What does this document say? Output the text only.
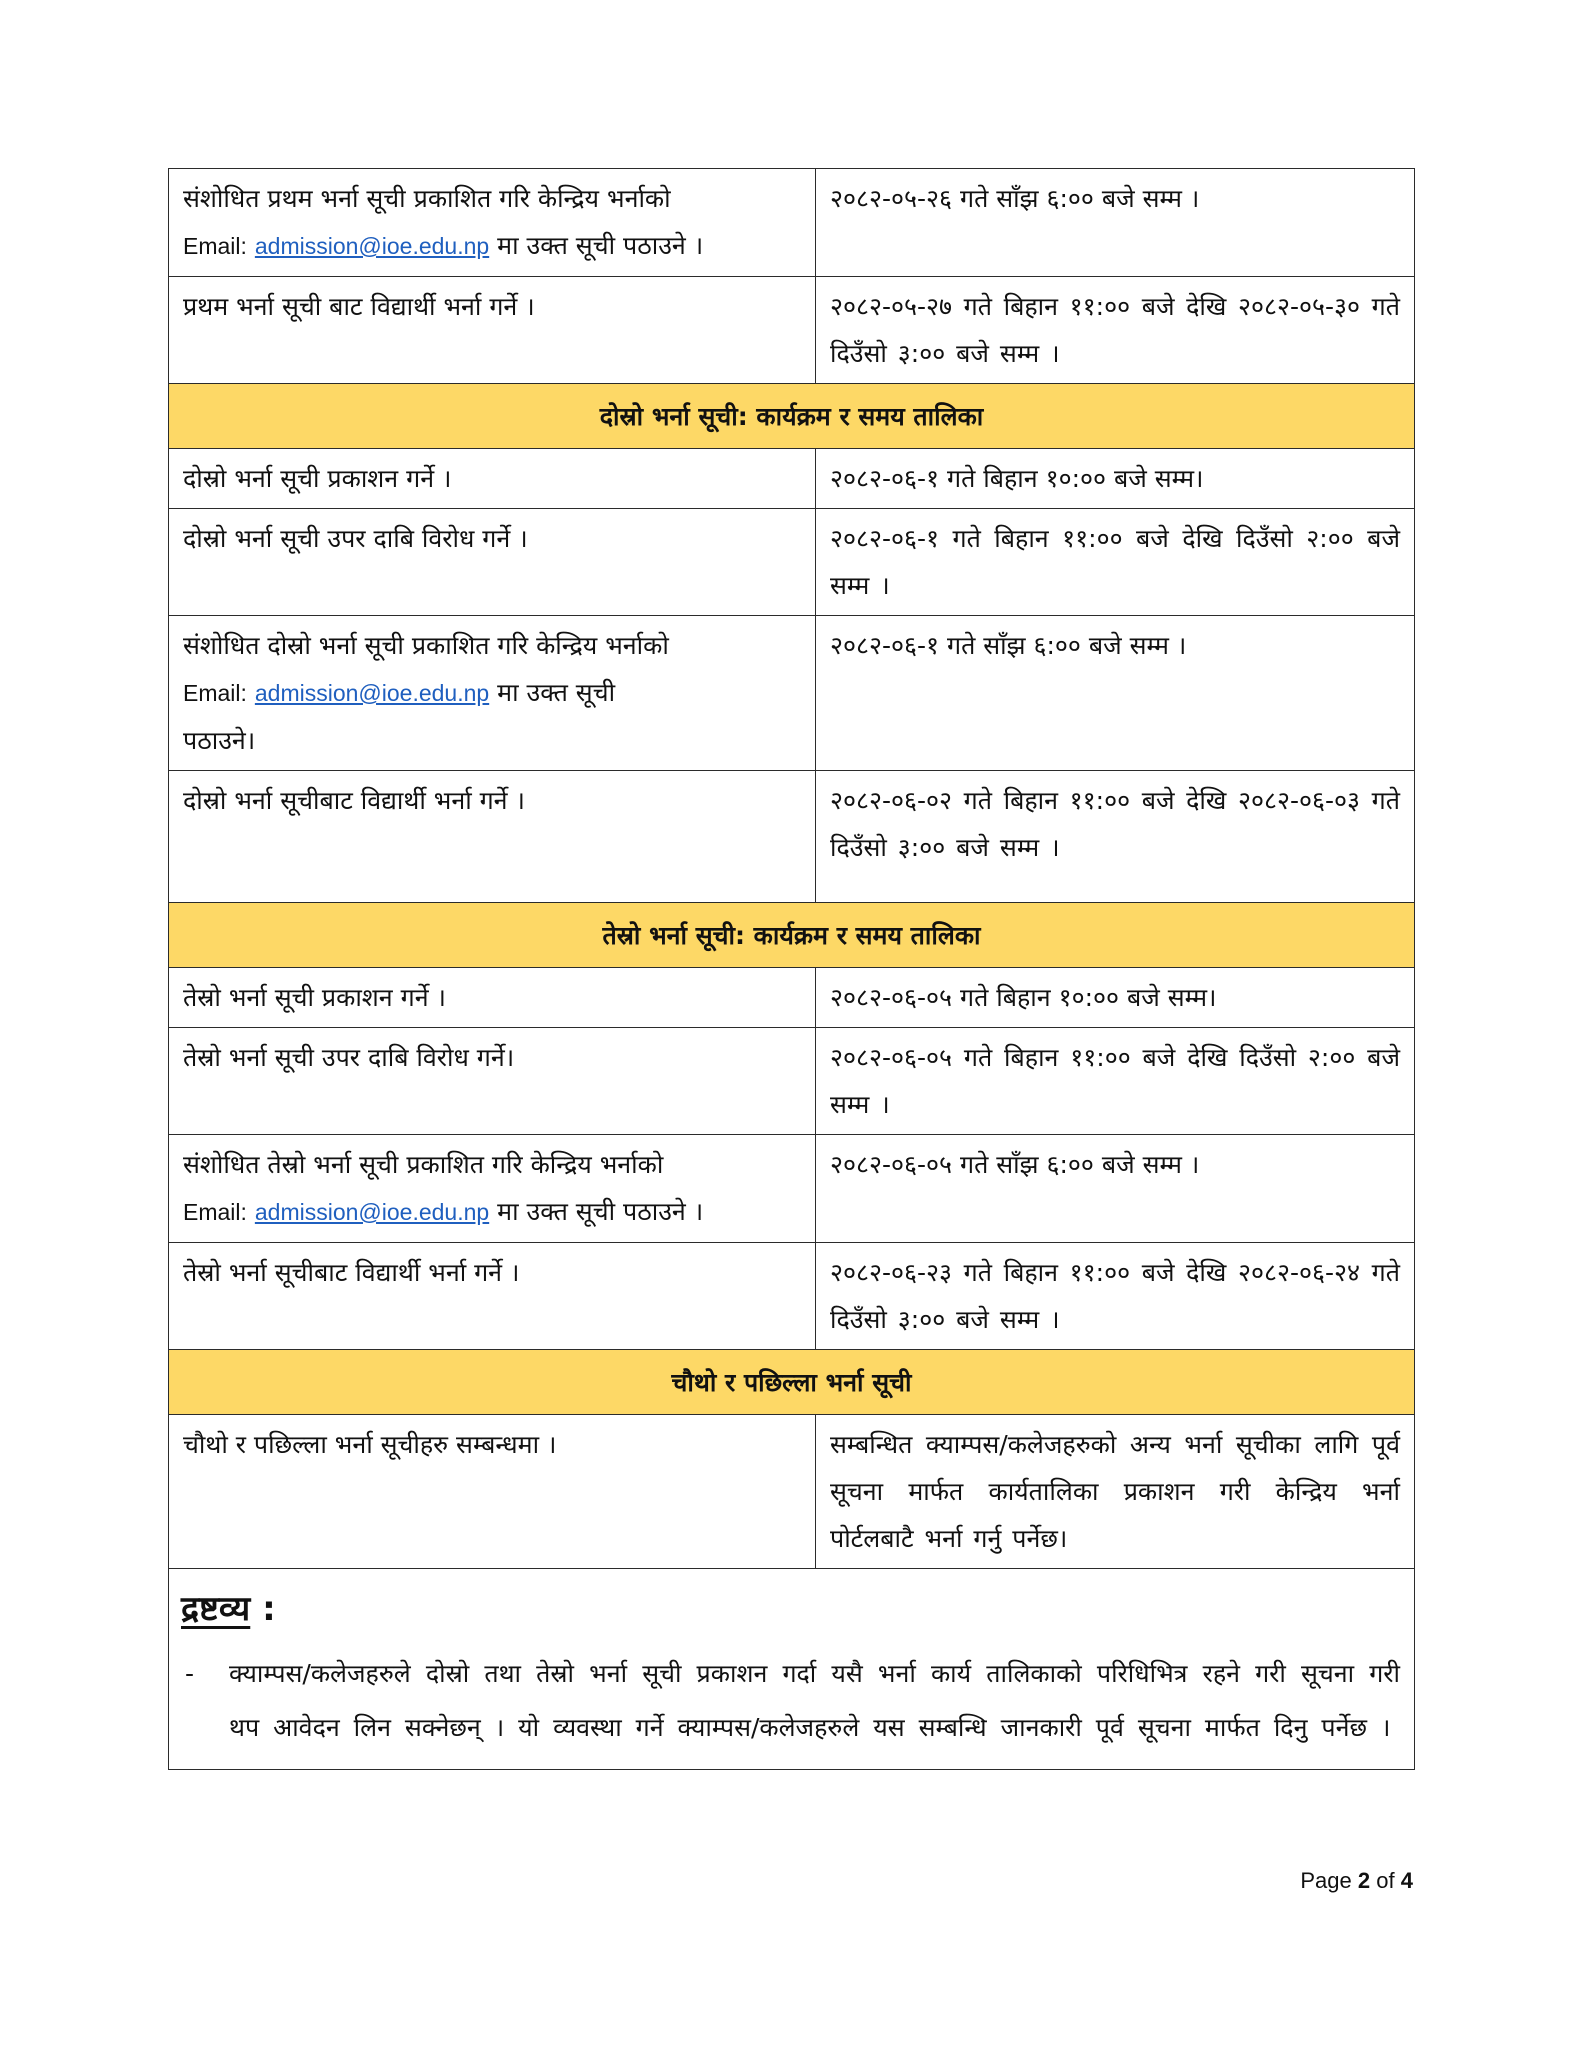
संशोधित प्रथम भर्ना सूची प्रकाशित गरि केन्द्रिय भर्नाको
Email: admission@ioe.edu.np मा उक्त सूची पठाउने ।	२०८२-०५-२६ गते साँझ ६:०० बजे सम्म ।
प्रथम भर्ना सूची बाट विद्यार्थी भर्ना गर्ने ।	२०८२-०५-२७ गते बिहान ११:०० बजे देखि २०८२-०५-३० गते दिउँसो ३:०० बजे सम्म ।
दोस्रो भर्ना सूची: कार्यक्रम र समय तालिका	
दोस्रो भर्ना सूची प्रकाशन गर्ने ।	२०८२-०६-१ गते बिहान १०:०० बजे सम्म।
दोस्रो भर्ना सूची उपर दाबि विरोध गर्ने ।	२०८२-०६-१ गते बिहान ११:०० बजे देखि दिउँसो २:०० बजे सम्म ।

संशोधित दोस्रो भर्ना सूची प्रकाशित गरि केन्द्रिय भर्नाको
Email: admission@ioe.edu.np मा उक्त सूची
पठाउने।	२०८२-०६-१ गते साँझ ६:०० बजे सम्म ।
दोस्रो भर्ना सूचीबाट विद्यार्थी भर्ना गर्ने ।	२०८२-०६-०२ गते बिहान ११:०० बजे देखि २०८२-०६-०३ गते दिउँसो ३:०० बजे सम्म ।
तेस्रो भर्ना सूची: कार्यक्रम र समय तालिका	
तेस्रो भर्ना सूची प्रकाशन गर्ने ।	२०८२-०६-०५ गते बिहान १०:०० बजे सम्म।
तेस्रो भर्ना सूची उपर दाबि विरोध गर्ने।	२०८२-०६-०५ गते बिहान ११:०० बजे देखि दिउँसो २:०० बजे सम्म ।

संशोधित तेस्रो भर्ना सूची प्रकाशित गरि केन्द्रिय भर्नाको
Email: admission@ioe.edu.np मा उक्त सूची पठाउने ।	२०८२-०६-०५ गते साँझ ६:०० बजे सम्म ।
तेस्रो भर्ना सूचीबाट विद्यार्थी भर्ना गर्ने ।	२०८२-०६-२३ गते बिहान ११:०० बजे देखि २०८२-०६-२४ गते दिउँसो ३:०० बजे सम्म ।
चौथो र पछिल्ला भर्ना सूची	
चौथो र पछिल्ला भर्ना सूचीहरु सम्बन्धमा ।	सम्बन्धित क्याम्पस/कलेजहरुको अन्य भर्ना सूचीका लागि पूर्व सूचना मार्फत कार्यतालिका प्रकाशन गरी केन्द्रिय भर्ना पोर्टलबाटै भर्ना गर्नु पर्नेछ।

द्रष्टव्य :
- क्याम्पस/कलेजहरुले दोस्रो तथा तेस्रो भर्ना सूची प्रकाशन गर्दा यसै भर्ना कार्य तालिकाको परिधिभित्र रहने गरी सूचना गरी थप आवेदन लिन सक्नेछन् । यो व्यवस्था गर्ने क्याम्पस/कलेजहरुले यस सम्बन्धि जानकारी पूर्व सूचना मार्फत दिनु पर्नेछ ।	
Page 2 of 4
